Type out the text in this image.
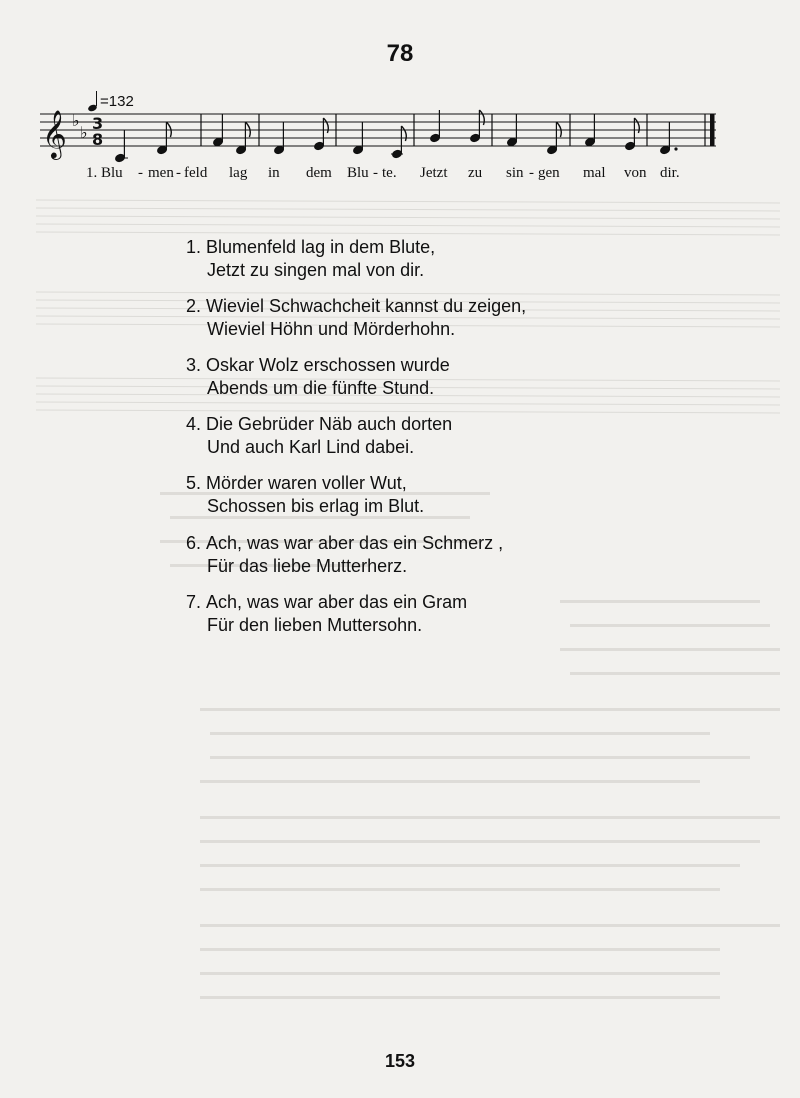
78
=132
𝄞 ♭
♭ 3
8
1. Blu - men - feld lag in dem Blu - te. Jetzt zu sin - gen mal von dir.
1. Blumenfeld lag in dem Blute,
Jetzt zu singen mal von dir.
2. Wieviel Schwachcheit kannst du zeigen,
Wieviel Höhn und Mörderhohn.
3. Oskar Wolz erschossen wurde
Abends um die fünfte Stund.
4. Die Gebrüder Näb auch dorten
Und auch Karl Lind dabei.
5. Mörder waren voller Wut,
Schossen bis erlag im Blut.
6. Ach, was war aber das ein Schmerz ,
Für das liebe Mutterherz.
7. Ach, was war aber das ein Gram
Für den lieben Muttersohn.
153
